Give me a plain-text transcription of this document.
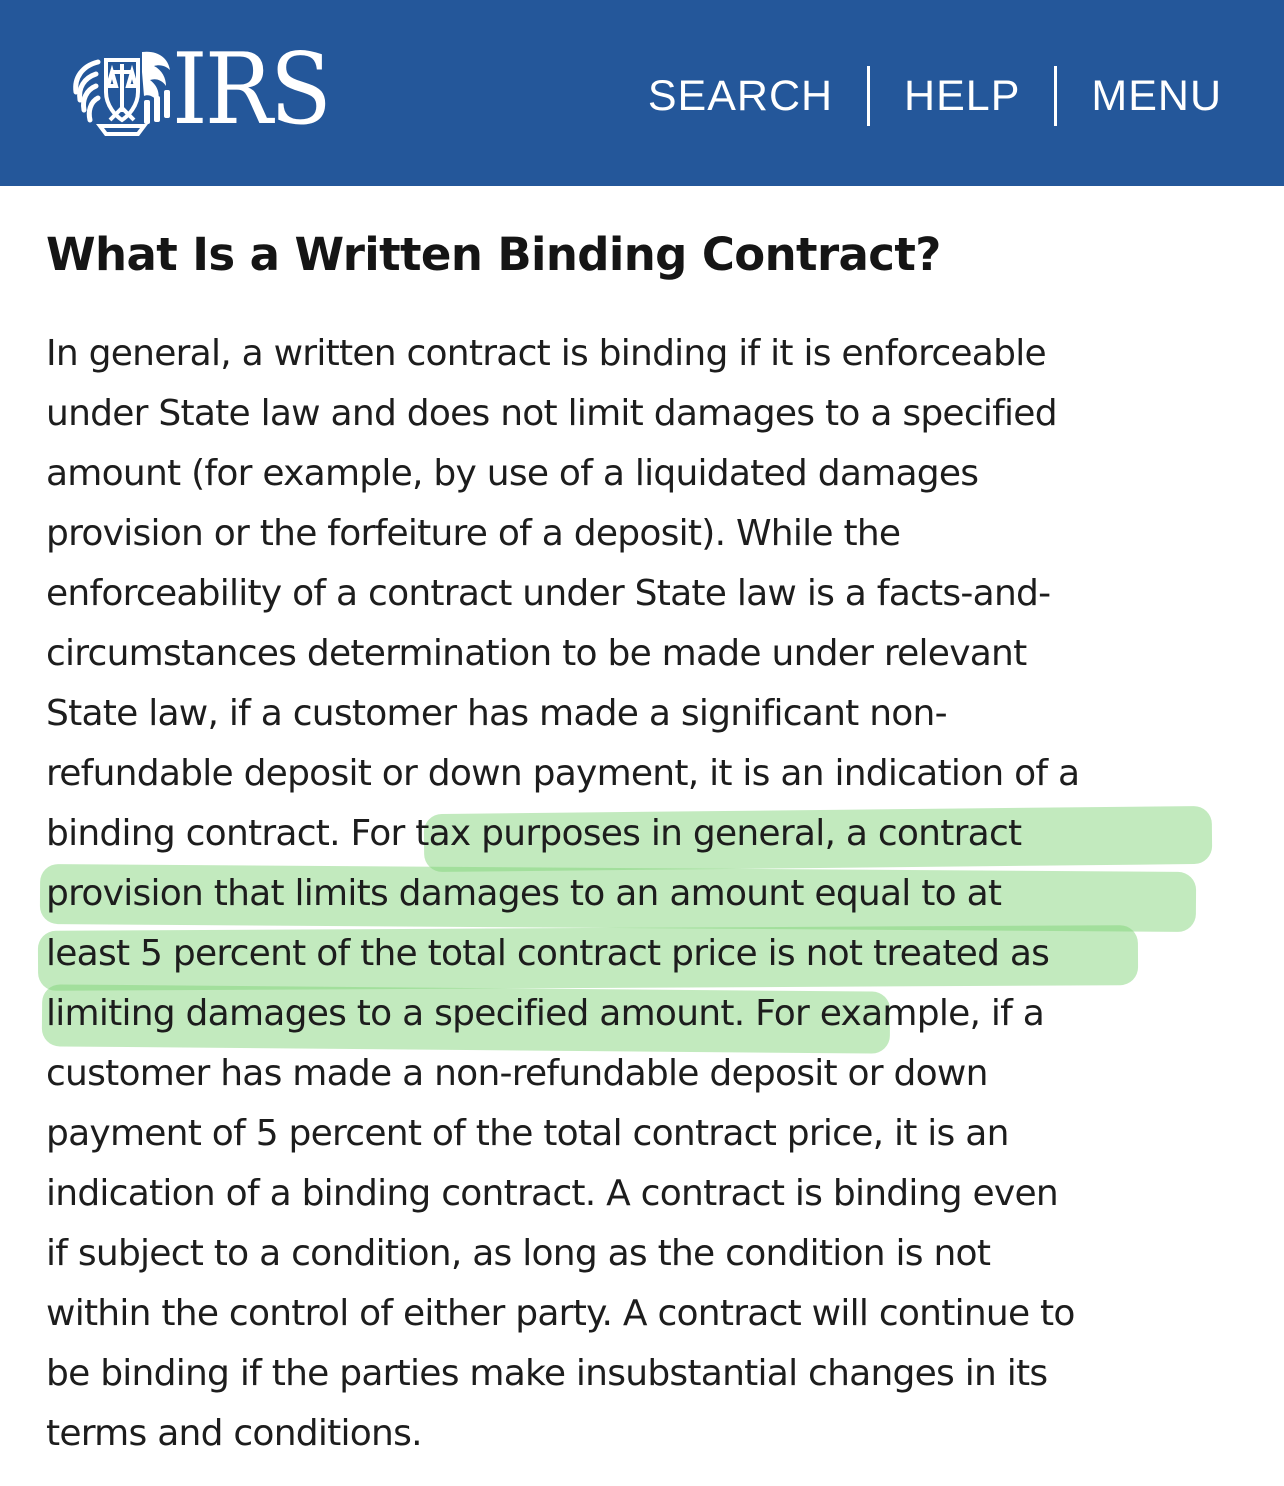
IRS	SEARCH HELP MENU
What Is a Written Binding Contract?
In general, a written contract is binding if it is enforceable
under State law and does not limit damages to a specified
amount (for example, by use of a liquidated damages
provision or the forfeiture of a deposit). While the
enforceability of a contract under State law is a facts-and-
circumstances determination to be made under relevant
State law, if a customer has made a significant non-
refundable deposit or down payment, it is an indication of a
binding contract. For tax purposes in general, a contract
provision that limits damages to an amount equal to at
least 5 percent of the total contract price is not treated as
limiting damages to a specified amount. For example, if a
customer has made a non-refundable deposit or down
payment of 5 percent of the total contract price, it is an
indication of a binding contract. A contract is binding even
if subject to a condition, as long as the condition is not
within the control of either party. A contract will continue to
be binding if the parties make insubstantial changes in its
terms and conditions.
